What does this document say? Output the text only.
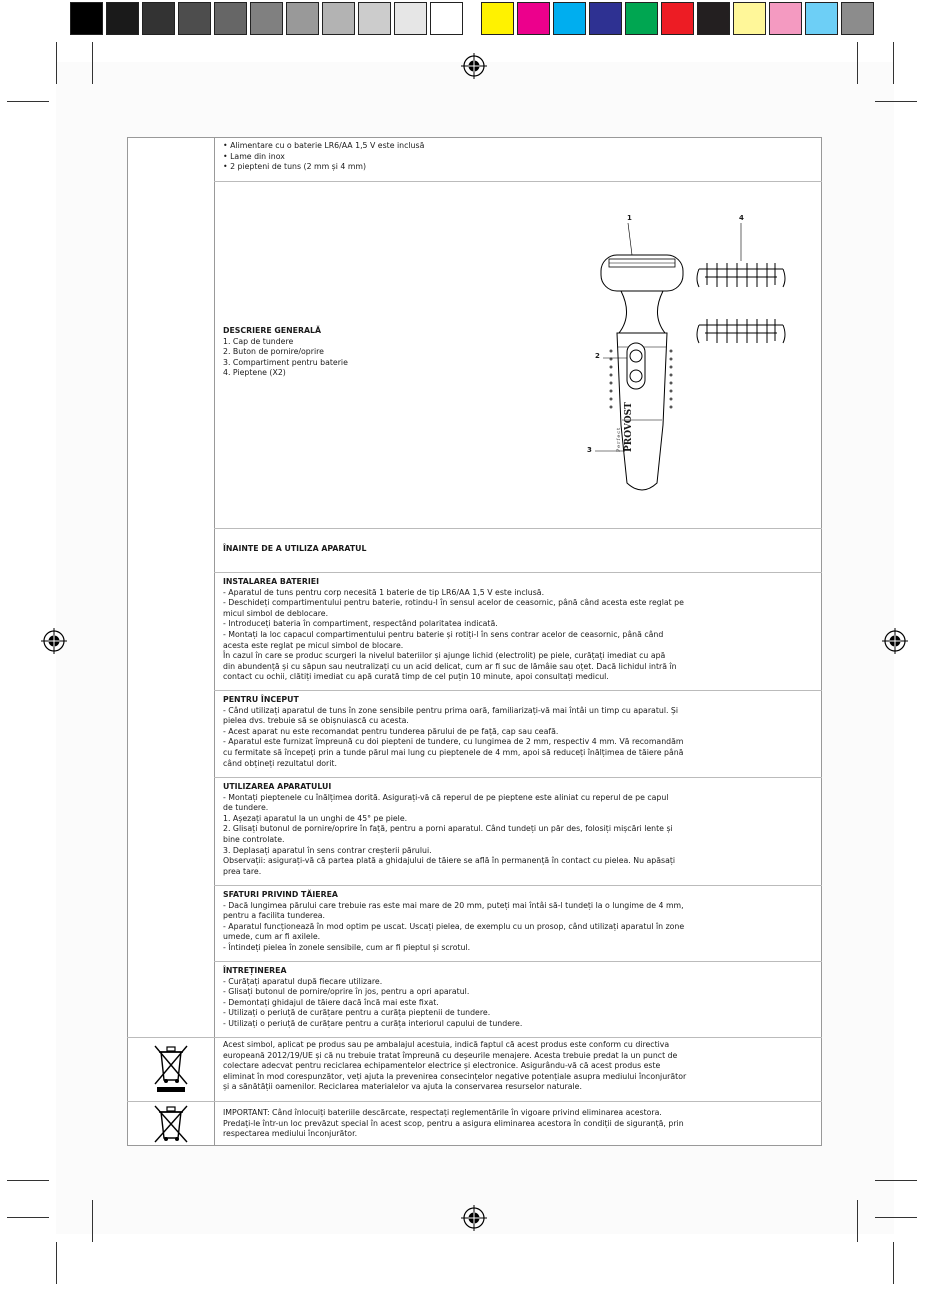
• Alimentare cu o baterie LR6/AA 1,5 V este inclusă
• Lame din inox
• 2 piepteni de tuns (2 mm și 4 mm)
DESCRIERE GENERALĂ
1. Cap de tundere
2. Buton de pornire/oprire
3. Compartiment pentru baterie
4. Pieptene (X2)
1
2
3
4
Perfect PROVOST
ÎNAINTE DE A UTILIZA APARATUL
INSTALAREA BATERIEI
- Aparatul de tuns pentru corp necesită 1 baterie de tip LR6/AA 1,5 V este inclusă.
- Deschideți compartimentului pentru baterie, rotindu-l în sensul acelor de ceasornic, până când acesta este reglat pe
micul simbol de deblocare.
- Introduceți bateria în compartiment, respectând polaritatea indicată.
- Montați la loc capacul compartimentului pentru baterie și rotiți-l în sens contrar acelor de ceasornic, până când
acesta este reglat pe micul simbol de blocare.
În cazul în care se produc scurgeri la nivelul bateriilor și ajunge lichid (electrolit) pe piele, curățați imediat cu apă
din abundență și cu săpun sau neutralizați cu un acid delicat, cum ar fi suc de lămâie sau oțet. Dacă lichidul intră în
contact cu ochii, clătiți imediat cu apă curată timp de cel puțin 10 minute, apoi consultați medicul.
PENTRU ÎNCEPUT
- Când utilizați aparatul de tuns în zone sensibile pentru prima oară, familiarizați-vă mai întâi un timp cu aparatul. Și
pielea dvs. trebuie să se obișnuiască cu acesta.
- Acest aparat nu este recomandat pentru tunderea părului de pe față, cap sau ceafă.
- Aparatul este furnizat împreună cu doi piepteni de tundere, cu lungimea de 2 mm, respectiv 4 mm. Vă recomandăm
cu fermitate să începeți prin a tunde părul mai lung cu pieptenele de 4 mm, apoi să reduceți înălțimea de tăiere până
când obțineți rezultatul dorit.
UTILIZAREA APARATULUI
- Montați pieptenele cu înălțimea dorită. Asigurați-vă că reperul de pe pieptene este aliniat cu reperul de pe capul
de tundere.
1. Așezați aparatul la un unghi de 45° pe piele.
2. Glisați butonul de pornire/oprire în față, pentru a porni aparatul. Când tundeți un păr des, folosiți mișcări lente și
bine controlate.
3. Deplasați aparatul în sens contrar creșterii părului.
Observații: asigurați-vă că partea plată a ghidajului de tăiere se află în permanență în contact cu pielea. Nu apăsați
prea tare.
SFATURI PRIVIND TĂIEREA
- Dacă lungimea părului care trebuie ras este mai mare de 20 mm, puteți mai întâi să-l tundeți la o lungime de 4 mm,
pentru a facilita tunderea.
- Aparatul funcționează în mod optim pe uscat. Uscați pielea, de exemplu cu un prosop, când utilizați aparatul în zone
umede, cum ar fi axilele.
- Întindeți pielea în zonele sensibile, cum ar fi pieptul și scrotul.
ÎNTREȚINEREA
- Curățați aparatul după fiecare utilizare.
- Glisați butonul de pornire/oprire în jos, pentru a opri aparatul.
- Demontați ghidajul de tăiere dacă încă mai este fixat.
- Utilizați o periuță de curățare pentru a curăța pieptenii de tundere.
- Utilizați o periuță de curățare pentru a curăța interiorul capului de tundere.
Acest simbol, aplicat pe produs sau pe ambalajul acestuia, indică faptul că acest produs este conform cu directiva
europeană 2012/19/UE și că nu trebuie tratat împreună cu deșeurile menajere. Acesta trebuie predat la un punct de
colectare adecvat pentru reciclarea echipamentelor electrice și electronice. Asigurându-vă că acest produs este
eliminat în mod corespunzător, veți ajuta la prevenirea consecințelor negative potențiale asupra mediului înconjurător
și a sănătății oamenilor. Reciclarea materialelor va ajuta la conservarea resurselor naturale.
IMPORTANT: Când înlocuiți bateriile descărcate, respectați reglementările în vigoare privind eliminarea acestora.
Predați-le într-un loc prevăzut special în acest scop, pentru a asigura eliminarea acestora în condiții de siguranță, prin
respectarea mediului înconjurător.
